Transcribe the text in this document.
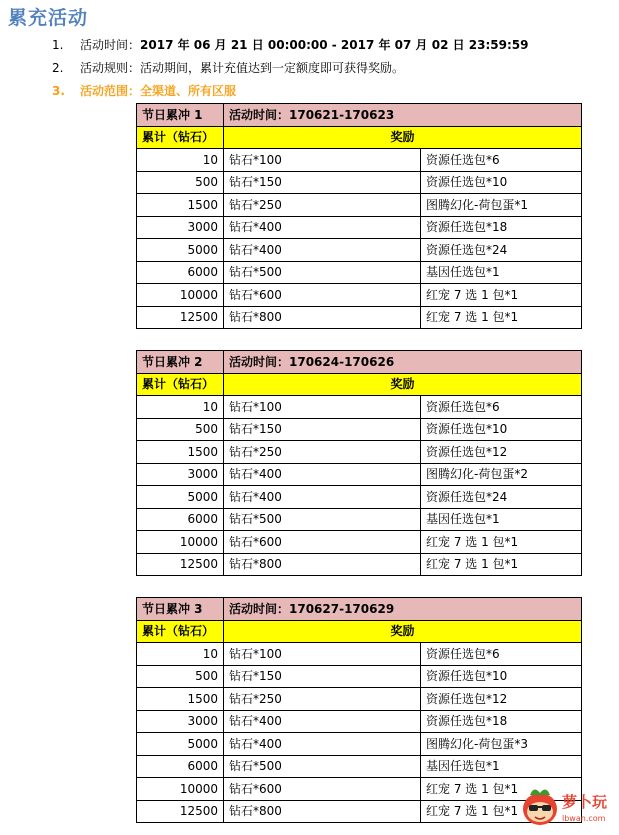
累充活动
1. 活动时间：2017 年 06 月 21 日 00:00:00 - 2017 年 07 月 02 日 23:59:59
2. 活动规则：活动期间，累计充值达到一定额度即可获得奖励。
3. 活动范围：全渠道、所有区服
节日累冲 1	活动时间：170621-170623	
累计（钻石）	奖励	
10	钻石*100	资源任选包*6
500	钻石*150	资源任选包*10
1500	钻石*250	图腾幻化-荷包蛋*1
3000	钻石*400	资源任选包*18
5000	钻石*400	资源任选包*24
6000	钻石*500	基因任选包*1
10000	钻石*600	红宠 7 选 1 包*1
12500	钻石*800	红宠 7 选 1 包*1
节日累冲 2	活动时间：170624-170626	
累计（钻石）	奖励	
10	钻石*100	资源任选包*6
500	钻石*150	资源任选包*10
1500	钻石*250	资源任选包*12
3000	钻石*400	图腾幻化-荷包蛋*2
5000	钻石*400	资源任选包*24
6000	钻石*500	基因任选包*1
10000	钻石*600	红宠 7 选 1 包*1
12500	钻石*800	红宠 7 选 1 包*1
节日累冲 3	活动时间：170627-170629	
累计（钻石）	奖励	
10	钻石*100	资源任选包*6
500	钻石*150	资源任选包*10
1500	钻石*250	资源任选包*12
3000	钻石*400	资源任选包*18
5000	钻石*400	图腾幻化-荷包蛋*3
6000	钻石*500	基因任选包*1
10000	钻石*600	红宠 7 选 1 包*1
12500	钻石*800	红宠 7 选 1 包*1
萝卜玩
lbwan.com
